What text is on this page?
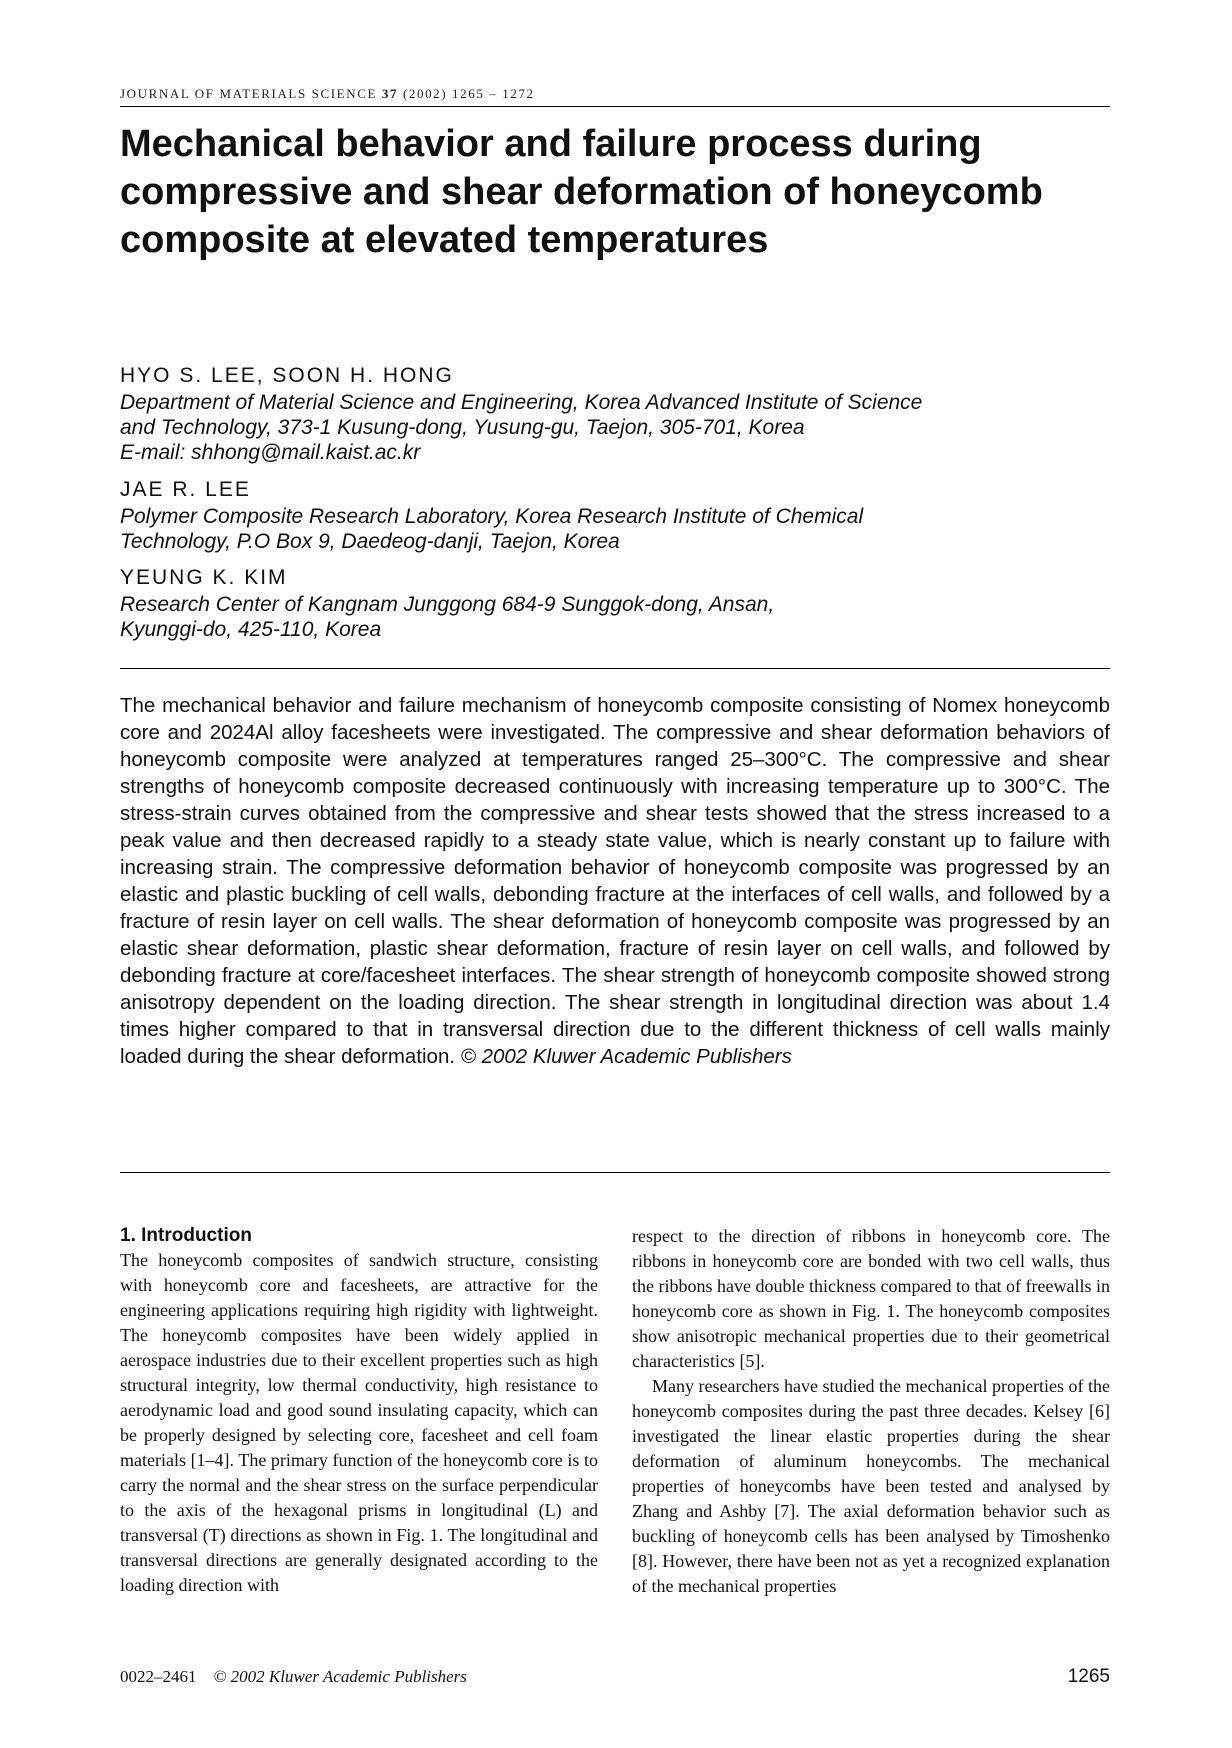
JOURNAL OF MATERIALS SCIENCE 37 (2002) 1265 – 1272
Mechanical behavior and failure process during compressive and shear deformation of honeycomb composite at elevated temperatures
HYO S. LEE, SOON H. HONG
Department of Material Science and Engineering, Korea Advanced Institute of Science
and Technology, 373-1 Kusung-dong, Yusung-gu, Taejon, 305-701, Korea
E-mail: shhong@mail.kaist.ac.kr
JAE R. LEE
Polymer Composite Research Laboratory, Korea Research Institute of Chemical
Technology, P.O Box 9, Daedeog-danji, Taejon, Korea
YEUNG K. KIM
Research Center of Kangnam Junggong 684-9 Sunggok-dong, Ansan,
Kyunggi-do, 425-110, Korea
The mechanical behavior and failure mechanism of honeycomb composite consisting of Nomex honeycomb core and 2024Al alloy facesheets were investigated. The compressive and shear deformation behaviors of honeycomb composite were analyzed at temperatures ranged 25–300°C. The compressive and shear strengths of honeycomb composite decreased continuously with increasing temperature up to 300°C. The stress-strain curves obtained from the compressive and shear tests showed that the stress increased to a peak value and then decreased rapidly to a steady state value, which is nearly constant up to failure with increasing strain. The compressive deformation behavior of honeycomb composite was progressed by an elastic and plastic buckling of cell walls, debonding fracture at the interfaces of cell walls, and followed by a fracture of resin layer on cell walls. The shear deformation of honeycomb composite was progressed by an elastic shear deformation, plastic shear deformation, fracture of resin layer on cell walls, and followed by debonding fracture at core/facesheet interfaces. The shear strength of honeycomb composite showed strong anisotropy dependent on the loading direction. The shear strength in longitudinal direction was about 1.4 times higher compared to that in transversal direction due to the different thickness of cell walls mainly loaded during the shear deformation. © 2002 Kluwer Academic Publishers
1. Introduction

The honeycomb composites of sandwich structure, consisting with honeycomb core and facesheets, are attractive for the engineering applications requiring high rigidity with lightweight. The honeycomb composites have been widely applied in aerospace industries due to their excellent properties such as high structural integrity, low thermal conductivity, high resistance to aerodynamic load and good sound insulating capacity, which can be properly designed by selecting core, facesheet and cell foam materials [1–4]. The primary function of the honeycomb core is to carry the normal and the shear stress on the surface perpendicular to the axis of the hexagonal prisms in longitudinal (L) and transversal (T) directions as shown in Fig. 1. The longitudinal and transversal directions are generally designated according to the loading direction with

respect to the direction of ribbons in honeycomb core. The ribbons in honeycomb core are bonded with two cell walls, thus the ribbons have double thickness compared to that of freewalls in honeycomb core as shown in Fig. 1. The honeycomb composites show anisotropic mechanical properties due to their geometrical characteristics [5].

Many researchers have studied the mechanical properties of the honeycomb composites during the past three decades. Kelsey [6] investigated the linear elastic properties during the shear deformation of aluminum honeycombs. The mechanical properties of honeycombs have been tested and analysed by Zhang and Ashby [7]. The axial deformation behavior such as buckling of honeycomb cells has been analysed by Timoshenko [8]. However, there have been not as yet a recognized explanation of the mechanical properties

0022–2461 © 2002 Kluwer Academic Publishers	1265
